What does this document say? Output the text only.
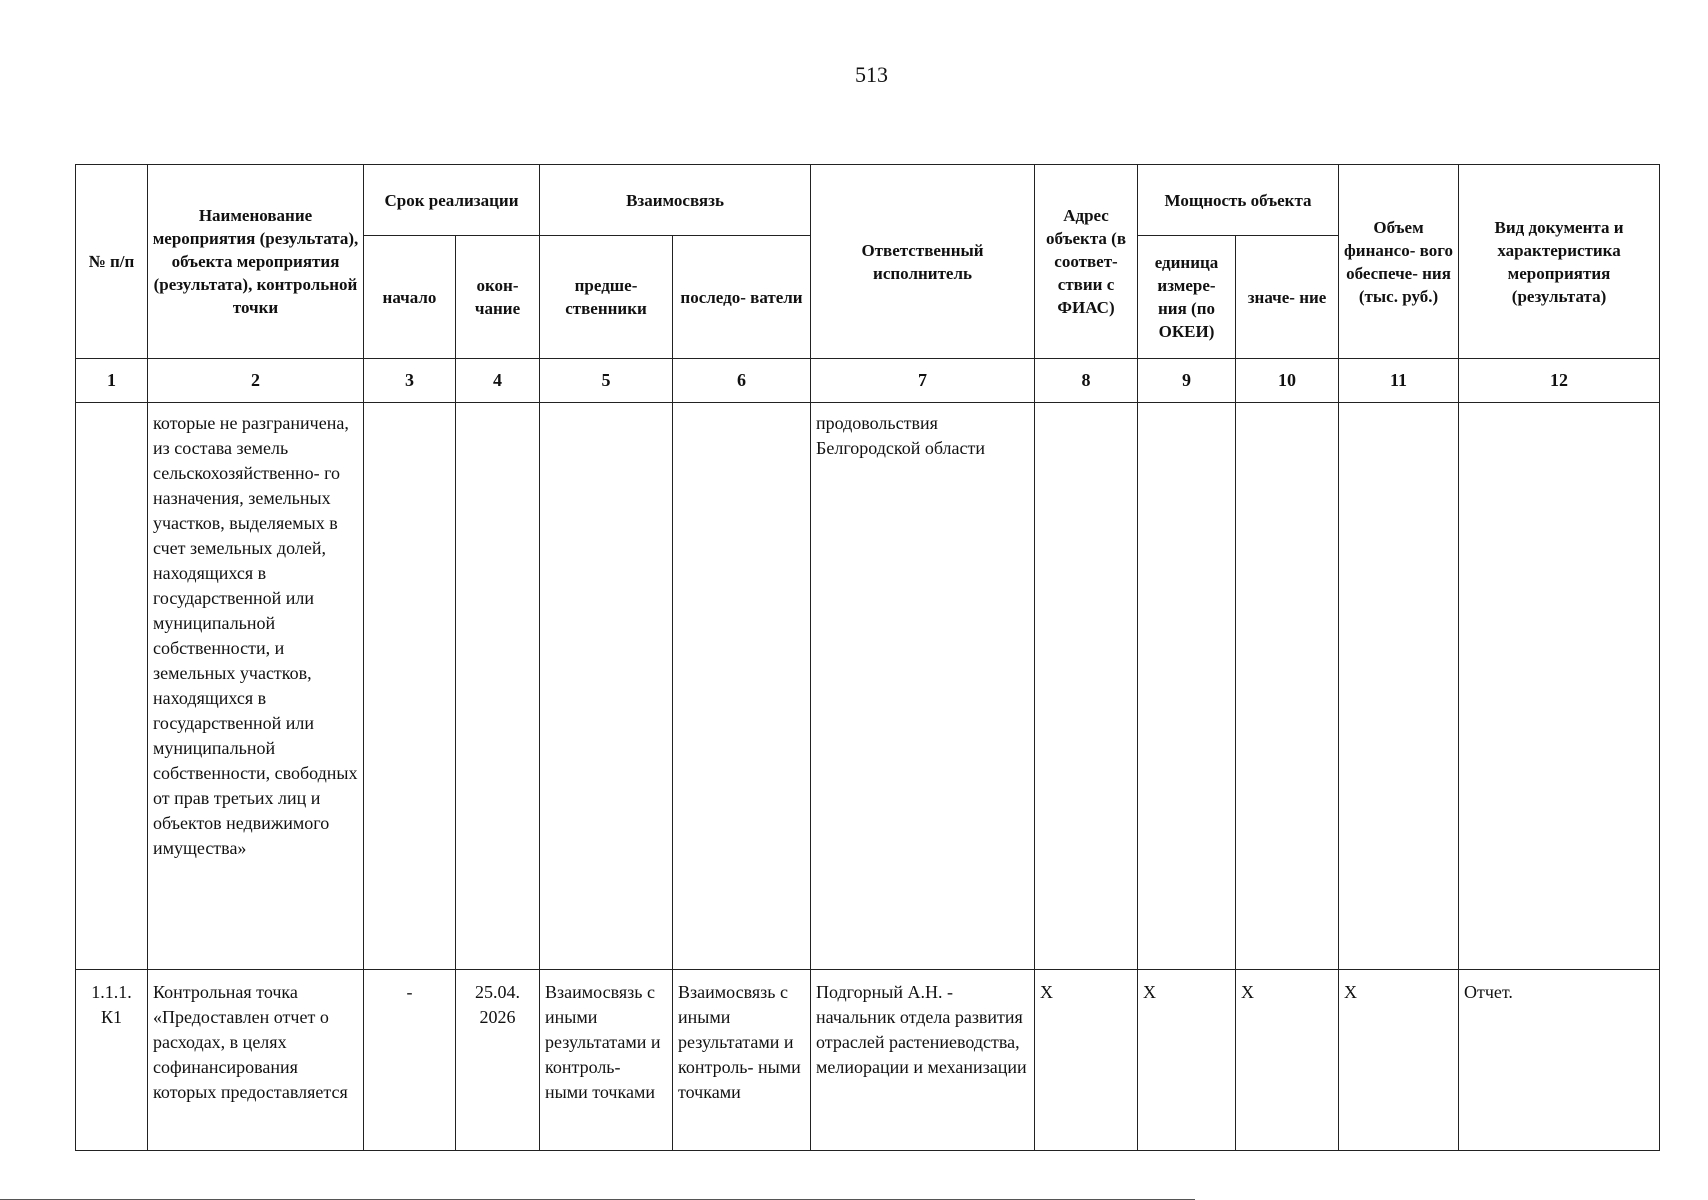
513
№ п/п	Наименование мероприятия (результата), объекта мероприятия (результата), контрольной точки	Срок реализации		Взаимосвязь		Ответственный исполнитель	Адрес объекта (в соответ- ствии с ФИАС)	Мощность объекта		Объем финансо- вого обеспече- ния (тыс. руб.)	Вид документа и характеристика мероприятия (результата)
		начало	окон- чание	предше- ственники	последо- ватели			единица измере- ния (по ОКЕИ)	значе- ние		
1	2	3	4	5	6	7	8	9	10	11	12
	которые не разграничена, из состава земель сельскохозяйственно- го назначения, земельных участков, выделяемых в счет земельных долей, находящихся в государственной или муниципальной собственности, и земельных участков, находящихся в государственной или муниципальной собственности, свободных от прав третьих лиц и объектов недвижимого имущества»					продовольствия Белгородской области					
1.1.1. К1	Контрольная точка «Предоставлен отчет о расходах, в целях софинансирования которых предоставляется	-	25.04. 2026	Взаимосвязь с иными результатами и контроль- ными точками	Взаимосвязь с иными результатами и контроль- ными точками	Подгорный А.Н. - начальник отдела развития отраслей растениеводства, мелиорации и механизации	Х	Х	Х	Х	Отчет.
